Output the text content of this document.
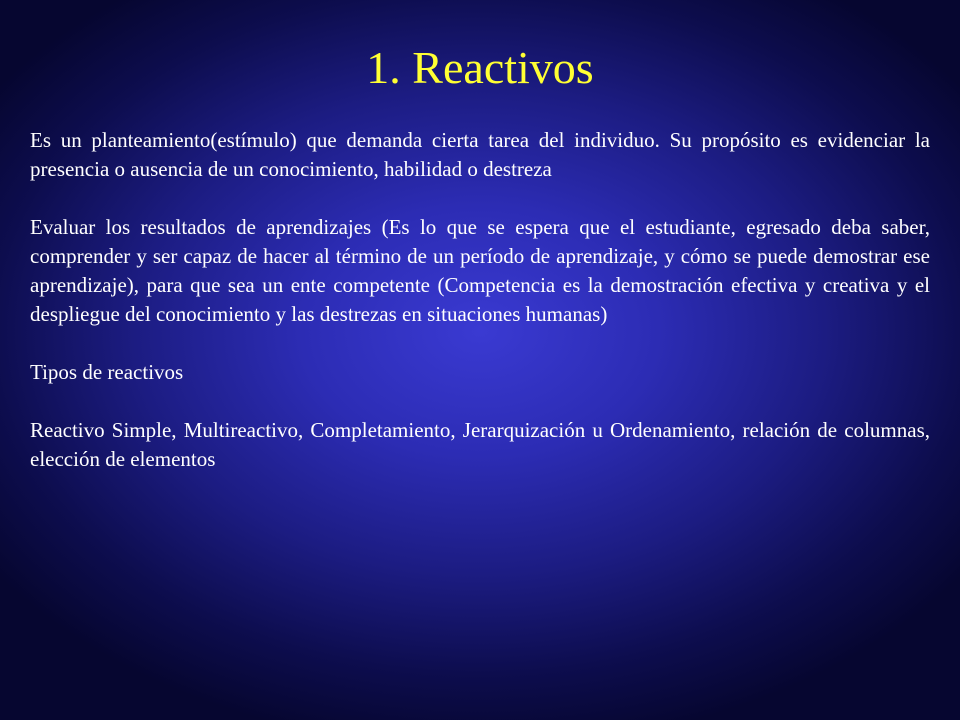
1. Reactivos

Es un planteamiento(estímulo) que demanda cierta tarea del individuo. Su propósito es evidenciar la presencia o ausencia de un conocimiento, habilidad o destreza

Evaluar los resultados de aprendizajes (Es lo que se espera que el estudiante, egresado deba saber, comprender y ser capaz de hacer al término de un período de aprendizaje, y cómo se puede demostrar ese aprendizaje), para que sea un ente competente (Competencia es la demostración efectiva y creativa y el despliegue del conocimiento y las destrezas en situaciones humanas)

Tipos de reactivos

Reactivo Simple, Multireactivo, Completamiento, Jerarquización u Ordenamiento, relación de columnas, elección de elementos
